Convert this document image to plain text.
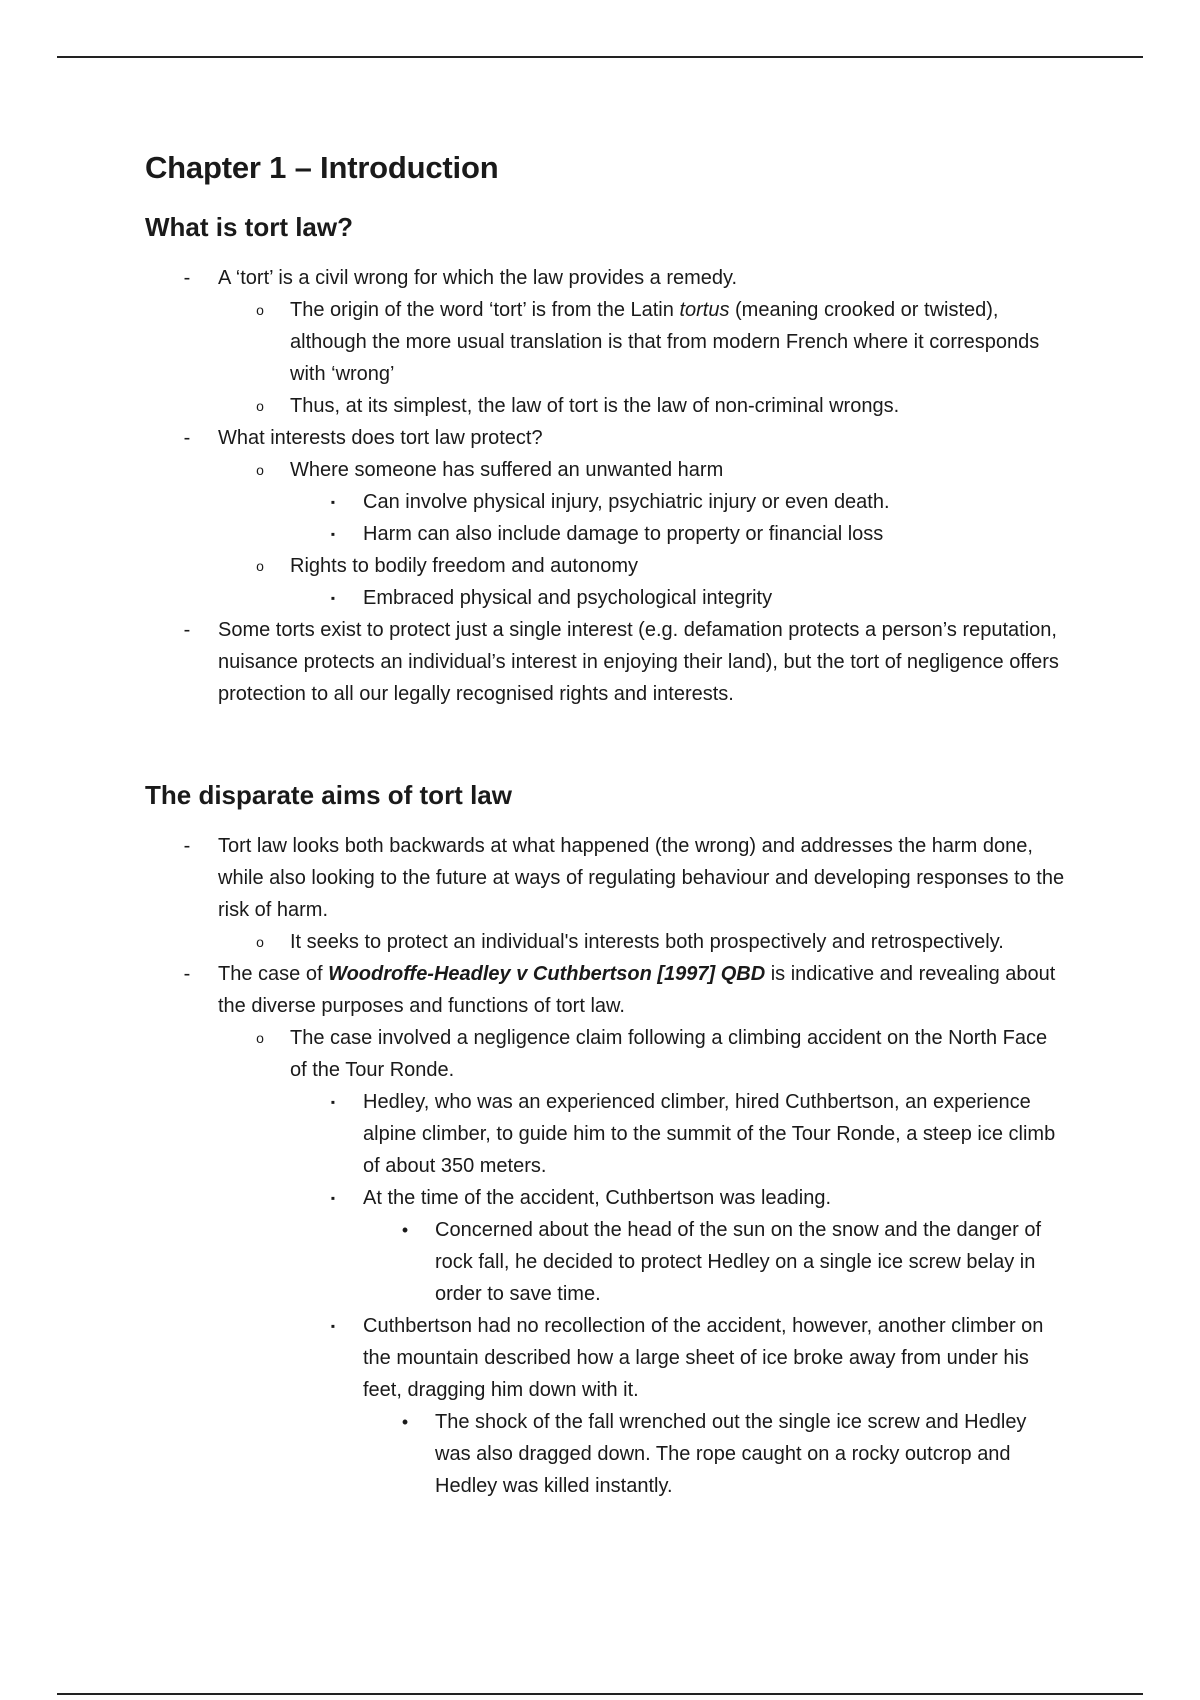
Chapter 1 – Introduction
What is tort law?
-	A ‘tort’ is a civil wrong for which the law provides a remedy.
o	The origin of the word ‘tort’ is from the Latin tortus (meaning crooked or twisted), although the more usual translation is that from modern French where it corresponds with ‘wrong’
o	Thus, at its simplest, the law of tort is the law of non-criminal wrongs.
-	What interests does tort law protect?
o	Where someone has suffered an unwanted harm
▪	Can involve physical injury, psychiatric injury or even death.
▪	Harm can also include damage to property or financial loss
o	Rights to bodily freedom and autonomy
▪	Embraced physical and psychological integrity
-	Some torts exist to protect just a single interest (e.g. defamation protects a person’s reputation, nuisance protects an individual’s interest in enjoying their land), but the tort of negligence offers protection to all our legally recognised rights and interests.
The disparate aims of tort law
-	Tort law looks both backwards at what happened (the wrong) and addresses the harm done, while also looking to the future at ways of regulating behaviour and developing responses to the risk of harm.
o	It seeks to protect an individual's interests both prospectively and retrospectively.
-	The case of Woodroffe-Headley v Cuthbertson [1997] QBD is indicative and revealing about the diverse purposes and functions of tort law.
o	The case involved a negligence claim following a climbing accident on the North Face of the Tour Ronde.
▪	Hedley, who was an experienced climber, hired Cuthbertson, an experience alpine climber, to guide him to the summit of the Tour Ronde, a steep ice climb of about 350 meters.
▪	At the time of the accident, Cuthbertson was leading.
•	Concerned about the head of the sun on the snow and the danger of rock fall, he decided to protect Hedley on a single ice screw belay in order to save time.
▪	Cuthbertson had no recollection of the accident, however, another climber on the mountain described how a large sheet of ice broke away from under his feet, dragging him down with it.
•	The shock of the fall wrenched out the single ice screw and Hedley was also dragged down. The rope caught on a rocky outcrop and Hedley was killed instantly.
